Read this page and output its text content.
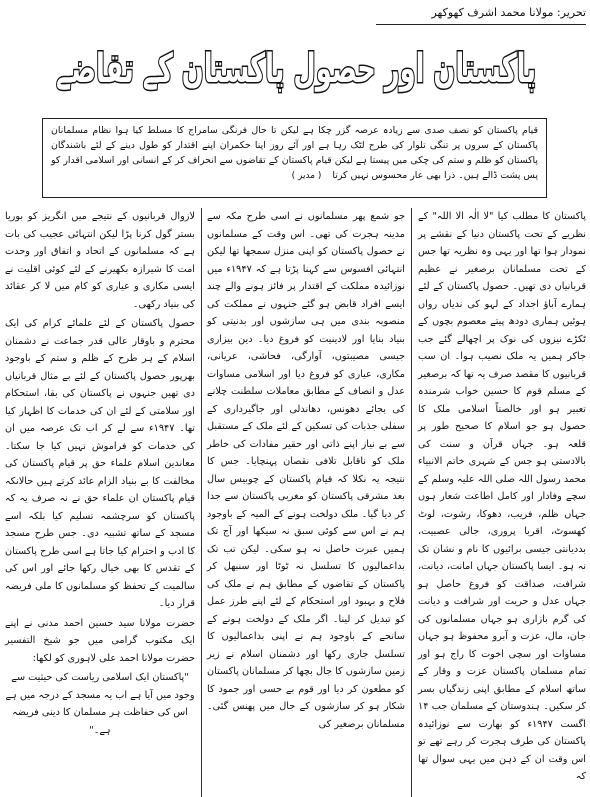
تحریر: مولانا محمد اشرف کھوکھر
پاکستان اور حصول پاکستان کے تقاضے
قیام پاکستان کو نصف صدی سے زیادہ عرصہ گزر چکا ہے لیکن تا حال فرنگی سامراج کا مسلط کیا ہوا نظام مسلمانان پاکستان کے سروں پر تنگی تلوار کی طرح لٹک رہا ہے اور آئے روز اپنا حکمران اپنے اقتدار کو طول دینے کے لئے باشندگان پاکستان کو ظلم و ستم کی چکی میں پیستا ہے لیکن قیام پاکستان کے تقاضوں سے انحراف کر کے انسانی اور اسلامی اقدار کو پس پشت ڈالے ہیں۔ ذرا بھی عار محسوس نہیں کرتا ( مدیر )

پاکستان کا مطلب کیا "لا الٰہ الا اللہ" کے نظریے کے تحت پاکستان دنیا کے نقشے پر نمودار ہوا تھا اور یہی وہ نظریہ تھا جس کے تحت مسلمانان برصغیر نے عظیم قربانیاں دی تھیں۔ حصول پاکستان کے لئے ہمارے آباؤ اجداد کے لہو کی ندیاں رواں ہوئیں ہماری دودھ پیتے معصوم بچوں کے ٹکڑے نیزوں کی نوک پر اچھالے گئے جب جاکر ہمیں یہ ملک نصیب ہوا۔ ان سب قربانیوں کا مقصد صرف یہ تھا کہ برصغیر کے مسلم قوم کا حسین خواب شرمندہ تعبیر ہو اور خالصتاً اسلامی ملک کا حصول ہو جو اسلام کا صحیح طور پر قلعہ ہو۔ جہاں قرآن و سنت کی بالادستی ہو جس کے شہری خاتم الانبیاء محمد رسول اللہ صلی اللہ علیہ وسلم کے سچے وفادار اور کامل اطاعت شعار ہوں جہاں ظلم، فریب، دھوکا، رشوت، لوٹ کھسوٹ، اقربا پروری، جالی عصبیت، بددیانتی جیسی برائیوں کا نام و نشان تک نہ ہو۔ ایسا پاکستان جہاں امانت، دیانت، شرافت، صداقت کو فروغ حاصل ہو جہاں عدل و حریت اور شرافت و دیانت کی گرم بازاری ہو جہاں مسلمانوں کی جان، مال، عزت و آبرو محفوظ ہو جہاں مساوات اور سچی اخوت کا راج ہو اور تمام مسلمان پاکستان عزت و وقار کے ساتھ اسلام کے مطابق اپنی زندگیاں بسر کر سکیں۔ ہندوستان کے مسلمان جب ۱۴ اگست ۱۹۴۷ء کو بھارت سے نوزائیدہ پاکستان کی طرف ہجرت کر رہے تھے تو اس وقت ان کے ذہن میں یہی سوال تھا کہ

جو شمع پھر مسلمانوں نے اسی طرح مکہ سے مدینہ ہجرت کی تھی۔ اس وقت کے مسلمانوں نے حصول پاکستان کو اپنی منزل سمجھا تھا لیکن انتہائی افسوس سے کہنا پڑتا ہے کہ ۱۹۴۷ء میں نوزائیدہ مملکت کے اقتدار پر فائز ہونے والے چند ایسے افراد قابض ہو گئے جنہوں نے مملکت کی منصوبہ بندی میں ہی سازشوں اور بدنیتی کو بنیاد بنایا اور لادینیت کو فروغ دیا۔ دین بیزاری جیسی مصیبتوں، آوارگی، فحاشی، عریانی، مکاری، عیاری کو فروغ دیا اور اسلامی مساوات عدل و انصاف کے مطابق معاملات سلطنت چلانے کی بجائے دھونس، دھاندلی اور جاگیرداری کے سفلی جذبات کی تسکین کے لئے ملک کے مستقبل سے بے نیاز اپنے ذاتی اور حقیر مفادات کی خاطر ملک کو ناقابل تلافی نقصان پہنچایا۔ جس کا نتیجہ یہ نکلا کہ قیام پاکستان کے چوبیس سال بعد مشرقی پاکستان کو مغربی پاکستان سے جدا کر دیا گیا۔ ملک دولخت ہونے کے المیہ کے باوجود ہم نے اس سے کوئی سبق نہ سیکھا اور آج تک ہمیں عبرت حاصل نہ ہو سکی۔ لیکن تب تک بداعمالیوں کا تسلسل نہ ٹوٹا اور سنبھل کر پاکستان کے تقاضوں کے مطابق ہم نے ملک کی فلاح و بہبود اور استحکام کے لئے اپنے طرز عمل کو تبدیل کر لینا۔ اگر ملک کے دولخت ہونے کے سانحے کے باوجود ہم نے اپنی بداعمالیوں کا تسلسل جاری رکھا اور دشمنان اسلام نے زیر زمین سازشوں کا جال بچھا کر مسلمانان پاکستان کو مطعون کر دیا اور قوم بے حسی اور جمود کا شکار ہو کر سازشوں کے جال میں پھنس گئی۔ مسلمانان برصغیر کی

لازوال قربانیوں کے نتیجے میں انگریز کو بوریا بستر گول کرنا پڑا لیکن انتہائی عجیب کی بات ہے کہ مسلمانوں کے اتحاد و اتفاق اور وحدت امت کا شیرازہ بکھیرنے کے لئے کوئی اقلیت نے ایسی مکاری و عیاری کو کام میں لا کر عقائد کی بنیاد رکھی۔

حصول پاکستان کے لئے علمائے کرام کی ایک محترم و باوقار عالی قدر جماعت نے دشمنان اسلام کے ہر طرح کے ظلم و ستم کے باوجود بھرپور حصول پاکستان کے لئے بے مثال قربانیاں دی تھیں جنہوں نے پاکستان کی بقا، استحکام اور سلامتی کے لئے ان کی خدمات کا اظہار کیا تھا۔ ۱۹۴۷ء سے لے کر اب تک عرصہ میں ان کی خدمات کو فراموش نہیں کیا جا سکتا۔ معاندین اسلام علماء حق پر قیام پاکستان کی مخالفت کا بے بنیاد الزام عائد کرتے ہیں حالانکہ قیام پاکستان ان علماء حق نے نہ صرف یہ کہ پاکستان کو سرچشمہ تسلیم کیا بلکہ اسے مسجد کے ساتھ تشبیہ دی۔ جس طرح مسجد کا ادب و احترام کیا جاتا ہے اسی طرح پاکستان کے تقدس کا بھی خیال رکھا جائے اور اس کی سالمیت کے تحفظ کو مسلمانوں کا ملی فریضہ قرار دیا۔

حضرت مولانا سید حسین احمد مدنی نے اپنے ایک مکتوب گرامی میں جو شیخ التفسیر حضرت مولانا احمد علی لاہوری کو لکھا:

"پاکستان ایک اسلامی ریاست کی حیثیت سے وجود میں آیا ہے اب یہ مسجد کے درجہ میں ہے اس کی حفاظت ہر مسلمان کا دینی فریضہ ہے۔"
